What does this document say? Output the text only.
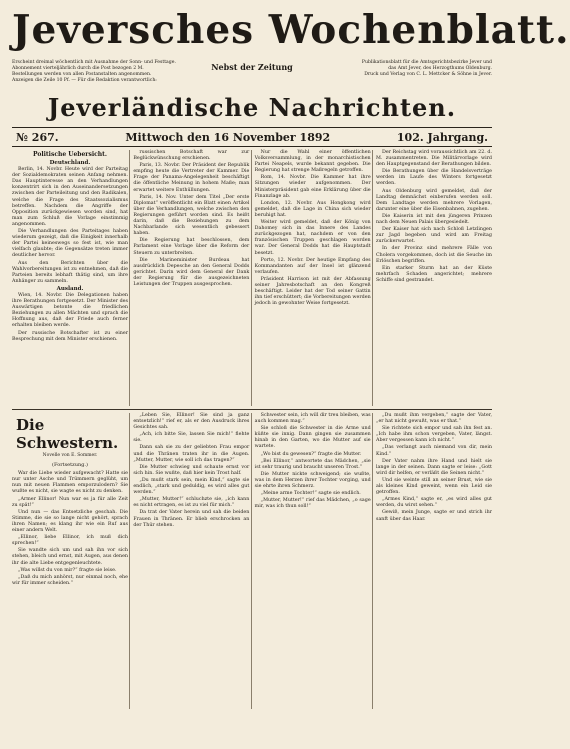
Jeversches Wochenblatt.
Erscheint dreimal wöchentlich mit Ausnahme der Sonn- und Festtage.
Abonnement vierteljährlich durch die Post bezogen 2 M.
Bestellungen werden von allen Postanstalten angenommen.
Anzeigen die Zeile 10 Pf. — Für die Redaktion verantwortlich:
Nebst der Zeitung	Publikationsblatt für die Amtsgerichtsbezirke Jever und
das Amt Jever, des Herzogthums Oldenburg.
Druck und Verlag von C. L. Mettcker & Söhne in Jever.
Jeverländische Nachrichten.
№ 267.	Mittwoch den 16 November 1892	102. Jahrgang.
Politische Uebersicht.
Deutschland.

Berlin, 14. Novbr. Heute wird der Parteitag der Sozialdemokraten seinen Anfang nehmen. Das Hauptinteresse an den Verhandlungen konzentrirt sich in den Auseinandersetzungen zwischen der Parteileitung und den Radikalen, welche die Frage des Staatssozialismus betreffen. Nachdem die Angriffe der Opposition zurückgewiesen worden sind, hat man zum Schluß die Vorlage einstimmig angenommen.

Die Verhandlungen des Parteitages haben wiederum gezeigt, daß die Einigkeit innerhalb der Partei keineswegs so fest ist, wie man vielfach glaubte; die Gegensätze treten immer deutlicher hervor.

Aus den Berichten über die Wahlvorbereitungen ist zu entnehmen, daß die Parteien bereits lebhaft thätig sind, um ihre Anhänger zu sammeln.

Ausland.

Wien, 14. Novbr. Die Delegationen haben ihre Berathungen fortgesetzt. Der Minister des Auswärtigen betonte die friedlichen Beziehungen zu allen Mächten und sprach die Hoffnung aus, daß der Friede auch ferner erhalten bleiben werde.

Der russische Botschafter ist zu einer Besprechung mit dem Minister erschienen.

russischen Botschaft war zur Beglückwünschung erschienen.

Paris, 13. Novbr. Der Präsident der Republik empfing heute die Vertreter der Kammer. Die Frage der Panama-Angelegenheit beschäftigt die öffentliche Meinung in hohem Maße; man erwartet weitere Enthüllungen.

Paris, 14. Nov. Unter dem Titel „Der erste Diplomat“ veröffentlicht ein Blatt einen Artikel über die Verhandlungen, welche zwischen den Regierungen geführt worden sind. Es heißt darin, daß die Beziehungen zu dem Nachbarlande sich wesentlich gebessert haben.

Die Regierung hat beschlossen, dem Parlament eine Vorlage über die Reform der Steuern zu unterbreiten.

Die Marinеminister Burdeau hat ausdrücklich Depesche an den General Dodds gerichtet. Darin wird dem General der Dank der Regierung für die ausgezeichneten Leistungen der Truppen ausgesprochen.

Nur die Wahl einer öffentlichen Volksversammlung, in der monarchistischen Partei Neapels, wurde bekannt gegeben. Die Regierung hat strenge Maßregeln getroffen.

Rom, 14. Novbr. Die Kammer hat ihre Sitzungen wieder aufgenommen. Der Ministerpräsident gab eine Erklärung über die Finanzlage ab.

London, 12. Novbr. Aus Hongkong wird gemeldet, daß die Lage in China sich wieder beruhigt hat.

Weiter wird gemeldet, daß der König von Dahomey sich in das Innere des Landes zurückgezogen hat, nachdem er von den französischen Truppen geschlagen worden war. Der General Dodds hat die Hauptstadt besetzt.

Porto, 12. Novbr. Der heutige Empfang des Kommandanten auf der Insel ist glänzend verlaufen.

Präsident Harrison ist mit der Abfassung seiner Jahresbotschaft an den Kongreß beschäftigt. Leider hat der Tod seiner Gattin ihn tief erschüttert; die Vorbereitungen werden jedoch in gewohnter Weise fortgesetzt.

Der Reichstag wird voraussichtlich am 22. d. M. zusammentreten. Die Militärvorlage wird den Hauptgegenstand der Berathungen bilden.

Die Berathungen über die Handelsverträge werden im Laufe des Winters fortgesetzt werden.

Aus Oldenburg wird gemeldet, daß der Landtag demnächst einberufen werden soll. Dem Landtage werden mehrere Vorlagen, darunter eine über die Eisenbahnen, zugehen.

Die Kaiserin ist mit den jüngeren Prinzen nach dem Neuen Palais übergesiedelt.

Der Kaiser hat sich nach Schloß Letzlingen zur Jagd begeben und wird am Freitag zurückerwartet.

In der Provinz sind mehrere Fälle von Cholera vorgekommen, doch ist die Seuche im Erlöschen begriffen.

Ein starker Sturm hat an der Küste mehrfach Schaden angerichtet; mehrere Schiffe sind gestrandet.

Die Schwestern.
Novelle von E. Sommer.
(Fortsetzung.)

War die Liebe wieder aufgewacht? Hatte sie nur unter Asche und Trümmern geglüht, um nun mit neuen Flammen emporzulodern? Sie wußte es nicht, sie wagte es nicht zu denken.

„Armer Ellinor! Nun war es ja für alle Zeit zu spät!“

Und nun — das Entsetzliche geschah. Die Stimme, die sie so lange nicht gehört, sprach ihren Namen; es klang ihr wie ein Ruf aus einer andern Welt.

„Ellinor, liebe Ellinor, ich muß dich sprechen!“

Sie wandte sich um und sah ihn vor sich stehen, bleich und ernst, mit Augen, aus denen ihr die alte Liebe entgegenleuchtete.

„Was willst du von mir?“ fragte sie leise.

„Daß du mich anhörst, nur einmal noch, ehe wir für immer scheiden.“

„Leben Sie, Ellinor! Sie sind ja ganz entsetzlich!“ rief er, als er den Ausdruck ihres Gesichtes sah.

„Ach, ich bitte Sie, lassen Sie mich!“ flehte sie.

Dann sah sie zu der geliebten Frau empor und die Thränen traten ihr in die Augen. „Mutter, Mutter, wie soll ich das tragen?“

Die Mutter schwieg und schaute ernst vor sich hin. Sie wußte, daß hier kein Trost half.

„Du mußt stark sein, mein Kind,“ sagte sie endlich, „stark und geduldig, es wird alles gut werden.“

„Mutter, Mutter!“ schluchzte sie, „ich kann es nicht ertragen, es ist zu viel für mich.“

Da trat der Vater herein und sah die beiden Frauen in Thränen. Er blieb erschrocken an der Thür stehen.

Schwester sein, ich will dir treu bleiben, was auch kommen mag.“

Sie schloß die Schwester in die Arme und küßte sie innig. Dann gingen sie zusammen hinab in den Garten, wo die Mutter auf sie wartete.

„Wo bist du gewesen?“ fragte die Mutter.

„Bei Ellinor,“ antwortete das Mädchen, „sie ist sehr traurig und braucht unseren Trost.“

Die Mutter nickte schweigend; sie wußte, was in dem Herzen ihrer Tochter vorging, und sie ehrte ihren Schmerz.

„Meine arme Tochter!“ sagte sie endlich.

„Mutter, Mutter!“ rief das Mädchen, „o sage mir, was ich thun soll!“

„Du mußt ihm vergeben,“ sagte der Vater, „er hat nicht gewußt, was er that.“

Sie richtete sich empor und sah ihn fest an. „Ich habe ihm schon vergeben, Vater, längst. Aber vergessen kann ich nicht.“

„Das verlangt auch niemand von dir, mein Kind.“

Der Vater nahm ihre Hand und hielt sie lange in der seinen. Dann sagte er leise: „Gott wird dir helfen, er verläßt die Seinen nicht.“

Und sie weinte still an seiner Brust, wie sie als kleines Kind geweint, wenn ein Leid sie getroffen.

„Armes Kind,“ sagte er, „es wird alles gut werden, du wirst sehen.“

Gewiß, mein Junge, sagte er und strich ihr sanft über das Haar.
